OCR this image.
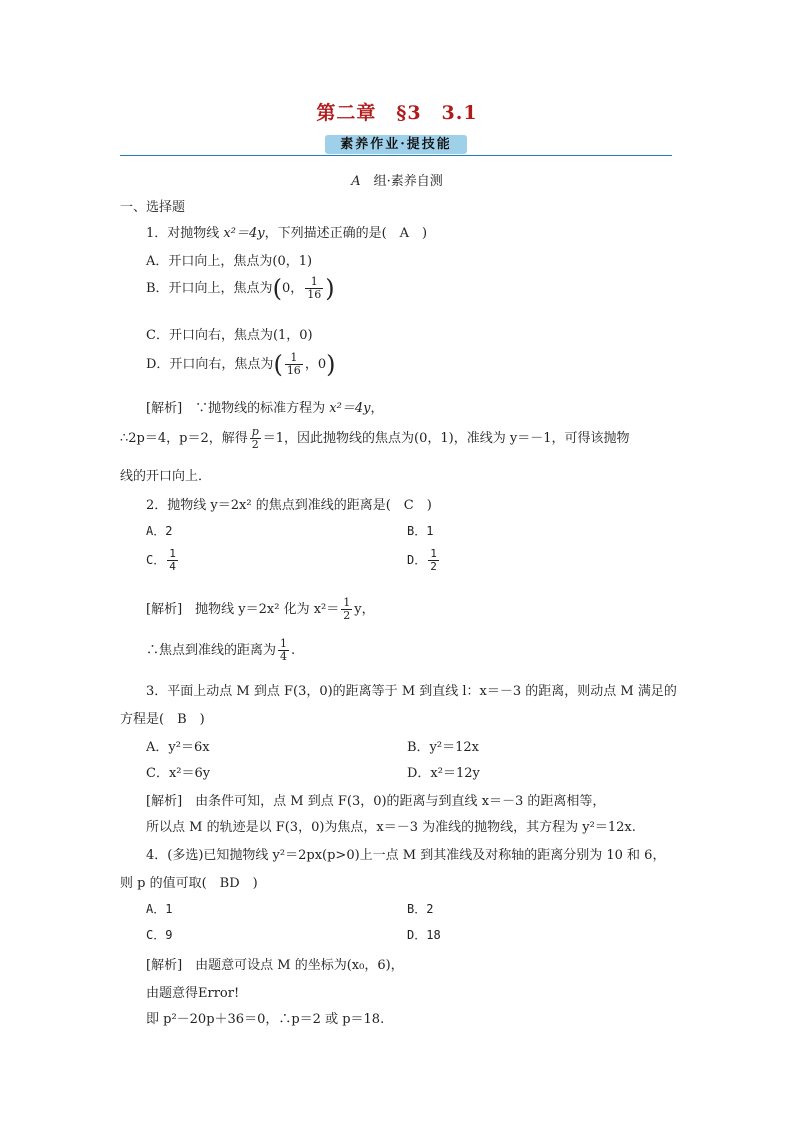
第二章　§3　3.1
素养作业·提技能
A　 组·素养自测
一、选择题
1．对抛物线 x²＝4y，下列描述正确的是(　A　)
A．开口向上，焦点为(0，1)
B．开口向上，焦点为(0， $\frac{1}{16}$ )
C．开口向右，焦点为(1，0)
D．开口向右，焦点为( $\frac{1}{16}$ ，0)
[解析]　∵抛物线的标准方程为 x²＝4y，
∴2p＝4，p＝2，解得 $\frac{p}{2} =1$，因此抛物线的焦点为(0，1)，准线为 y＝－1，可得该抛物
线的开口向上．
2．抛物线 y＝2x² 的焦点到准线的距离是(　C　)
A．2	B．1
C． $\frac{1}{4}$	D． $\frac{1}{2}$
[解析]　抛物线 y＝2x² 化为 $x^2= \frac{1}{2}$ y，
∴焦点到准线的距离为 $\frac{1}{4}$ .
3．平面上动点 M 到点 F(3，0)的距离等于 M 到直线 l：x＝－3 的距离，则动点 M 满足的
方程是(　B　)
A．y²＝6x	B．y²＝12x
C．x²＝6y	D．x²＝12y
[解析]　由条件可知，点 M 到点 F(3，0)的距离与到直线 x＝－3 的距离相等，
所以点 M 的轨迹是以 F(3，0)为焦点，x＝－3 为准线的抛物线，其方程为 y²＝12x.
4．(多选)已知抛物线 y²＝2px(p>0)上一点 M 到其准线及对称轴的距离分别为 10 和 6，
则 p 的值可取(　BD　)
A．1	B．2
C．9	D．18
[解析]　由题意可设点 M 的坐标为(x₀，6)，
由题意得Error!
即 p²－20p＋36＝0，∴p＝2 或 p＝18.
